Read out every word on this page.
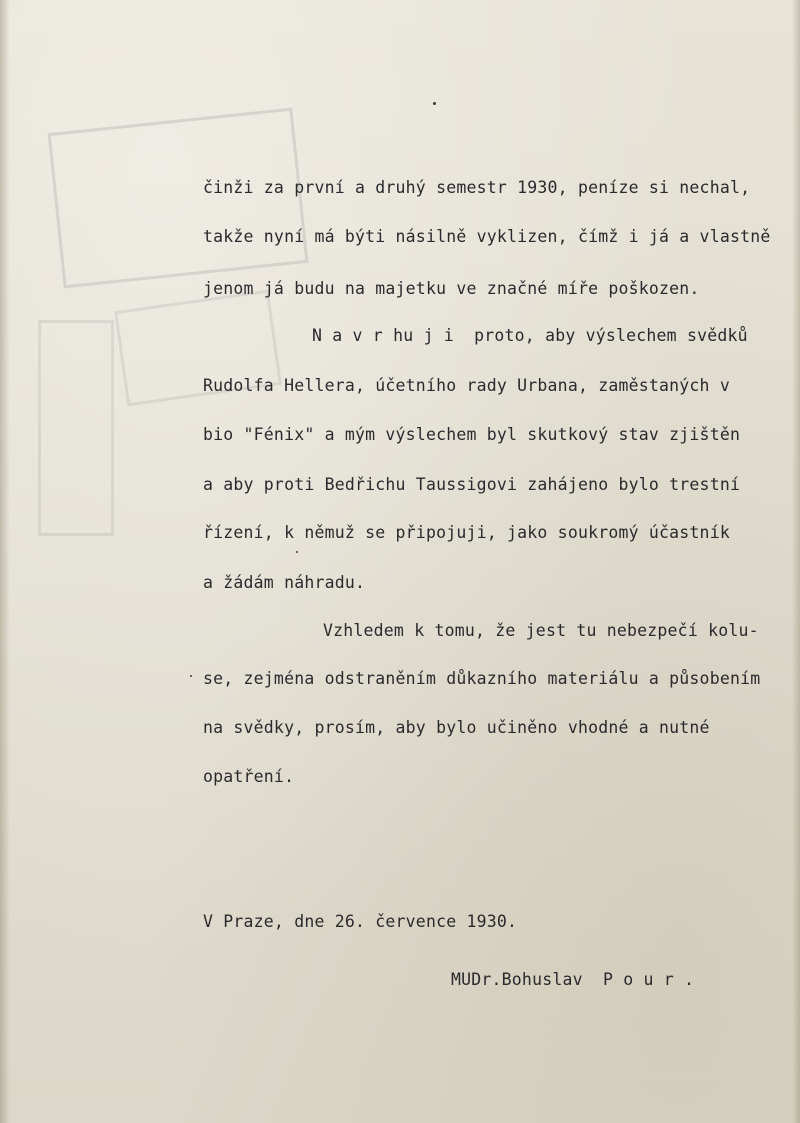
činži za první a druhý semestr 1930, peníze si nechal,
takže nyní má býti násilně vyklizen, čímž i já a vlastně
jenom já budu na majetku ve značné míře poškozen.
N a v r hu j i  proto, aby výslechem svědků
Rudolfa Hellera, účetního rady Urbana, zaměstaných v
bio "Fénix" a mým výslechem byl skutkový stav zjištěn
a aby proti Bedřichu Taussigovi zahájeno bylo trestní
řízení, k němuž se připojuji, jako soukromý účastník
a žádám náhradu.
Vzhledem k tomu, že jest tu nebezpečí kolu-
se, zejména odstraněním důkazního materiálu a působením
na svědky, prosím, aby bylo učiněno vhodné a nutné
opatření.
V Praze, dne 26. července 1930.
MUDr.Bohuslav  P o u r .
